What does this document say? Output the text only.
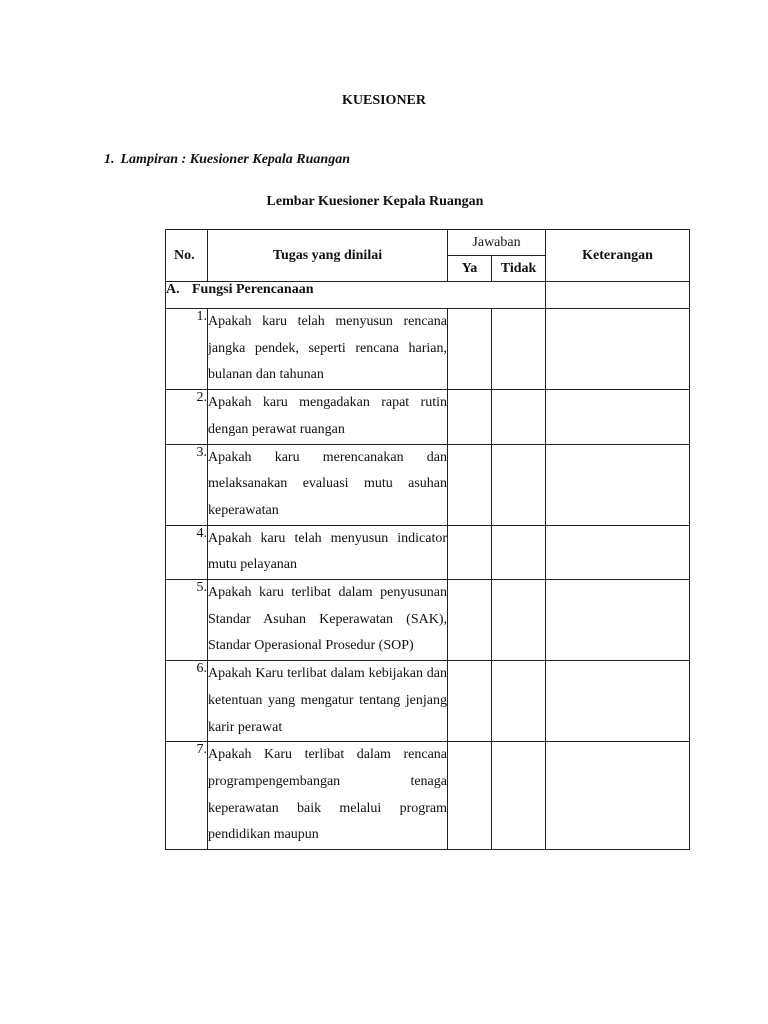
KUESIONER
1. Lampiran : Kuesioner Kepala Ruangan
Lembar Kuesioner Kepala Ruangan
No.	Tugas yang dinilai	Jawaban		Keterangan
		Ya	Tidak	
A. Fungsi Perencanaan				
1.	Apakah karu telah menyusun rencana jangka pendek, seperti rencana harian, bulanan dan tahunan			
2.	Apakah karu mengadakan rapat rutin dengan perawat ruangan			
3.	Apakah karu merencanakan dan melaksanakan evaluasi mutu asuhan keperawatan			
4.	Apakah karu telah menyusun indicator mutu pelayanan			
5.	Apakah karu terlibat dalam penyusunan Standar Asuhan Keperawatan (SAK), Standar Operasional Prosedur (SOP)			
6.	Apakah Karu terlibat dalam kebijakan dan ketentuan yang mengatur tentang jenjang karir perawat			
7.	Apakah Karu terlibat dalam rencana programpengembangan tenaga keperawatan baik melalui program pendidikan maupun			
